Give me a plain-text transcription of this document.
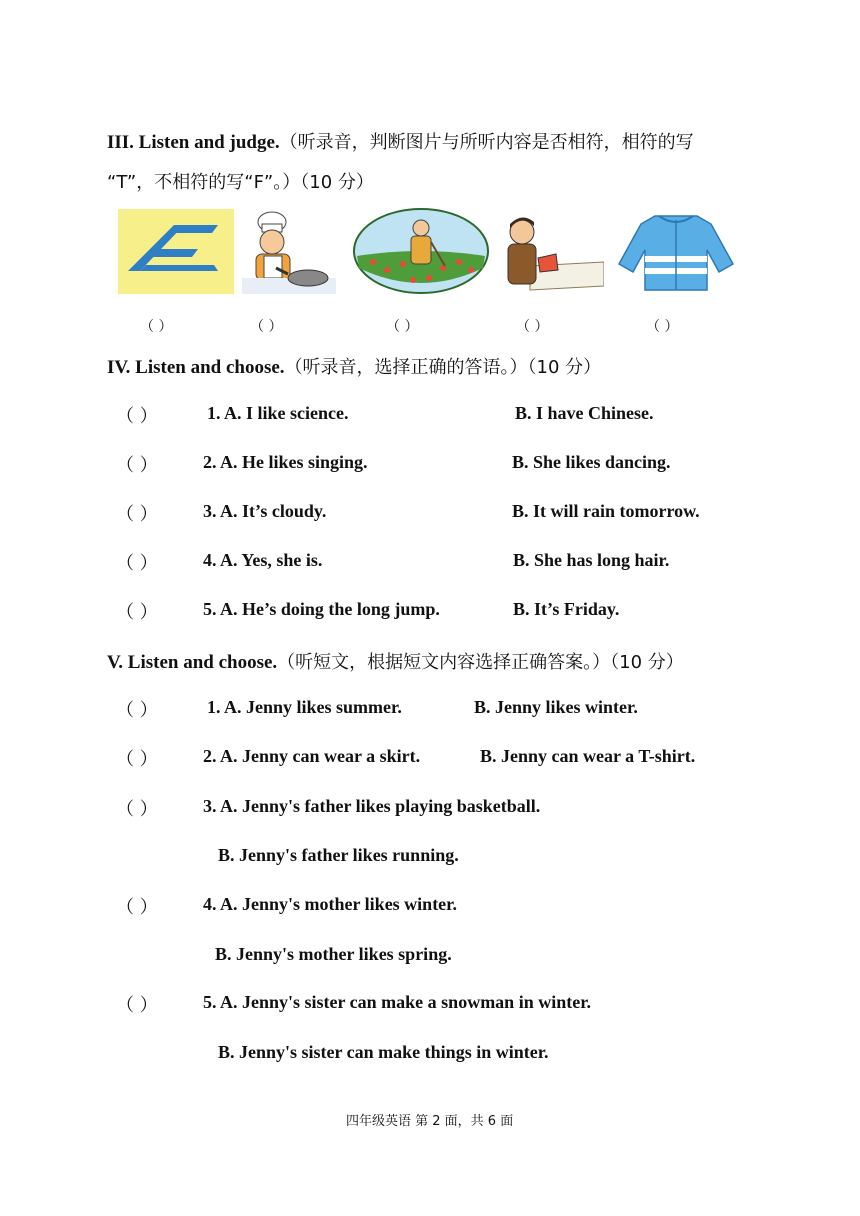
III. Listen and judge.（听录音，判断图片与所听内容是否相符，相符的写
“T”，不相符的写“F”。）（10 分）
（ ）	（ ）	（ ）	（ ）	（ ）
IV. Listen and choose.（听录音，选择正确的答语。）（10 分）
（ ）	1. A. I like science.	B. I have Chinese.
（ ）	2. A. He likes singing.	B. She likes dancing.
（ ）	3. A. It’s cloudy.	B. It will rain tomorrow.
（ ）	4. A. Yes, she is.	B. She has long hair.
（ ）	5. A. He’s doing the long jump.	B. It’s Friday.
V. Listen and choose.（听短文，根据短文内容选择正确答案。）（10 分）
（ ）	1. A. Jenny likes summer.	B. Jenny likes winter.
（ ）	2. A. Jenny can wear a skirt.	B. Jenny can wear a T-shirt.
（ ）	3. A. Jenny's father likes playing basketball.
B. Jenny's father likes running.
（ ）	4. A. Jenny's mother likes winter.
B. Jenny's mother likes spring.
（ ）	5. A. Jenny's sister can make a snowman in winter.
B. Jenny's sister can make things in winter.
四年级英语 第 2 面，共 6 面
